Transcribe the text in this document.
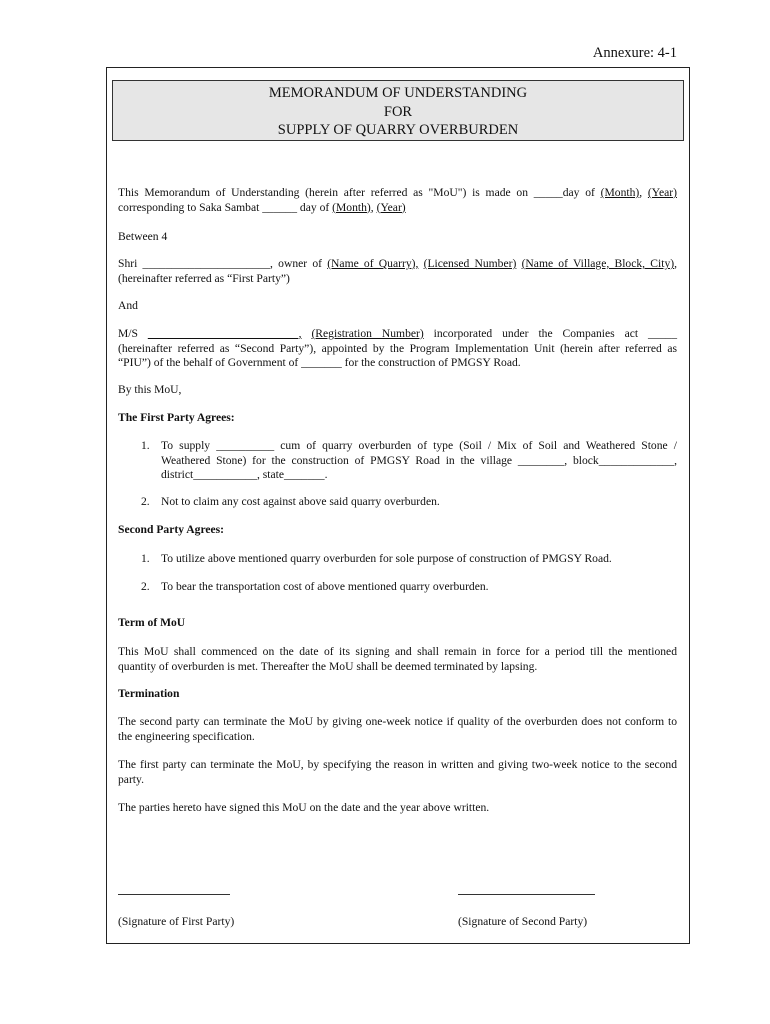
Annexure: 4-1
MEMORANDUM OF UNDERSTANDING
FOR
SUPPLY OF QUARRY OVERBURDEN
This Memorandum of Understanding (herein after referred as "MoU") is made on _____day of (Month), (Year)
corresponding to Saka Sambat ______ day of (Month), (Year)
Between 4
Shri ______________________, owner of (Name of Quarry), (Licensed Number) (Name of Village, Block, City),
(hereinafter referred as “First Party”)
And
M/S __________________________, (Registration Number) incorporated under the Companies act _____
(hereinafter referred as “Second Party”), appointed by the Program Implementation Unit (herein after referred as
“PIU”) of the behalf of Government of _______ for the construction of PMGSY Road.
By this MoU,
The First Party Agrees:
1. To supply __________ cum of quarry overburden of type (Soil / Mix of Soil and Weathered Stone /
Weathered Stone) for the construction of PMGSY Road in the village ________, block_____________,
district___________, state_______.
2. Not to claim any cost against above said quarry overburden.
Second Party Agrees:
1. To utilize above mentioned quarry overburden for sole purpose of construction of PMGSY Road.
2. To bear the transportation cost of above mentioned quarry overburden.
Term of MoU
This MoU shall commenced on the date of its signing and shall remain in force for a period till the mentioned
quantity of overburden is met. Thereafter the MoU shall be deemed terminated by lapsing.
Termination
The second party can terminate the MoU by giving one-week notice if quality of the overburden does not conform to
the engineering specification.
The first party can terminate the MoU, by specifying the reason in written and giving two-week notice to the second
party.
The parties hereto have signed this MoU on the date and the year above written.
(Signature of First Party)	(Signature of Second Party)
